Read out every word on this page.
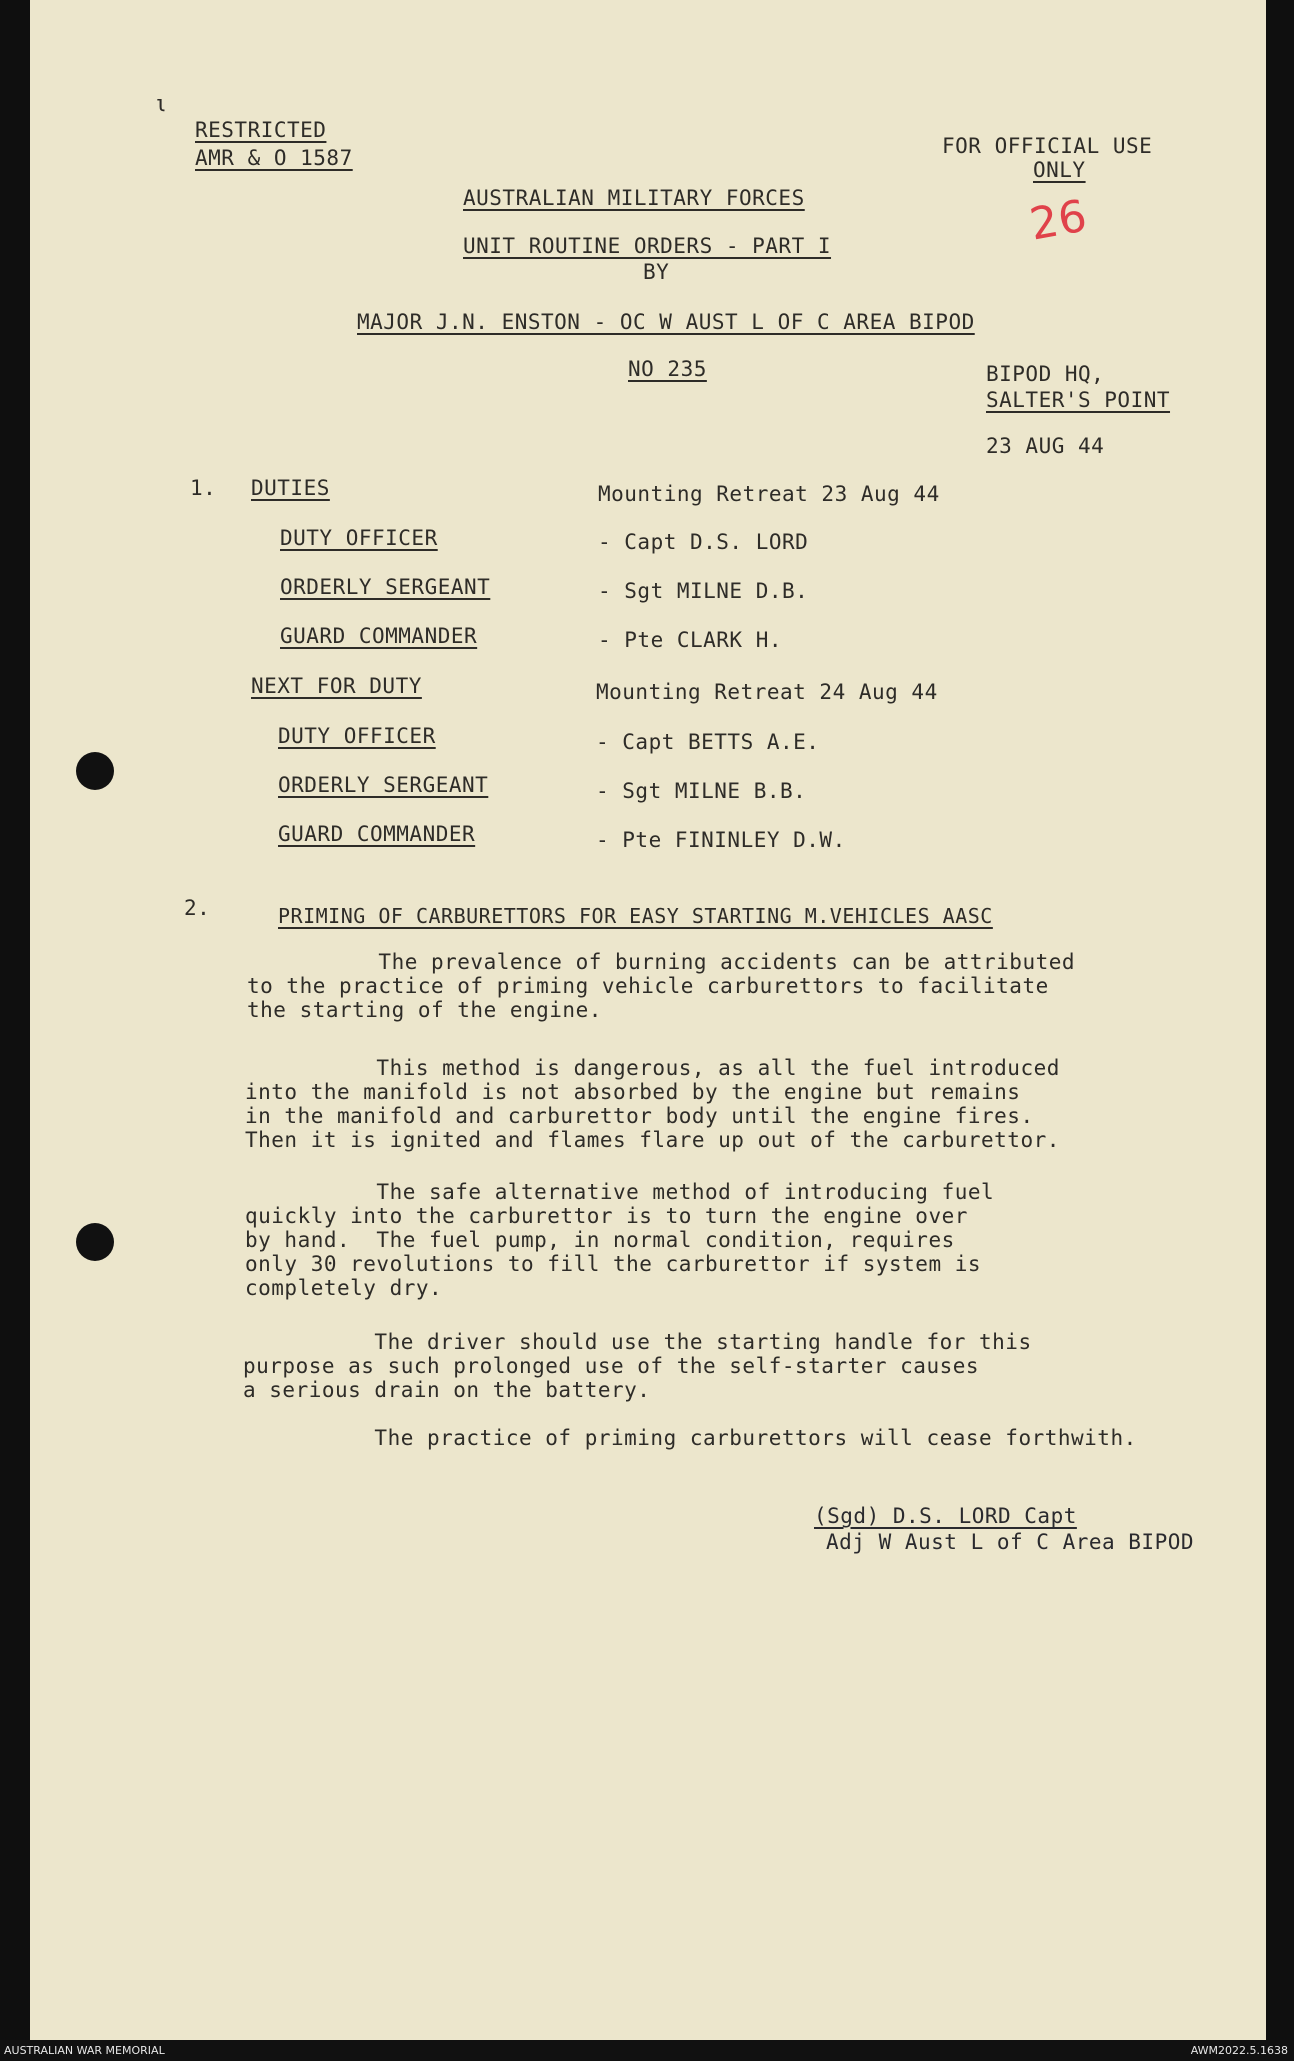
ι
RESTRICTED
AMR & O 1587	FOR OFFICIAL USE
ONLY
26
AUSTRALIAN MILITARY FORCES
UNIT ROUTINE ORDERS - PART I
BY
MAJOR J.N. ENSTON - OC W AUST L OF C AREA BIPOD
NO 235	BIPOD HQ,
SALTER'S POINT
23 AUG 44
1. DUTIES	Mounting Retreat 23 Aug 44
DUTY OFFICER	- Capt D.S. LORD
ORDERLY SERGEANT	- Sgt MILNE D.B.
GUARD COMMANDER	- Pte CLARK H.
NEXT FOR DUTY	Mounting Retreat 24 Aug 44
DUTY OFFICER	- Capt BETTS A.E.
ORDERLY SERGEANT	- Sgt MILNE B.B.
GUARD COMMANDER	- Pte FININLEY D.W.
2.	PRIMING OF CARBURETTORS FOR EASY STARTING M.VEHICLES AASC
The prevalence of burning accidents can be attributed
to the practice of priming vehicle carburettors to facilitate
the starting of the engine.
This method is dangerous, as all the fuel introduced
into the manifold is not absorbed by the engine but remains
in the manifold and carburettor body until the engine fires.
Then it is ignited and flames flare up out of the carburettor.
The safe alternative method of introducing fuel
quickly into the carburettor is to turn the engine over
by hand.  The fuel pump, in normal condition, requires
only 30 revolutions to fill the carburettor if system is
completely dry.
The driver should use the starting handle for this
purpose as such prolonged use of the self-starter causes
a serious drain on the battery.
The practice of priming carburettors will cease forthwith.
(Sgd) D.S. LORD Capt
Adj W Aust L of C Area BIPOD
AUSTRALIAN WAR MEMORIAL	AWM2022.5.1638
